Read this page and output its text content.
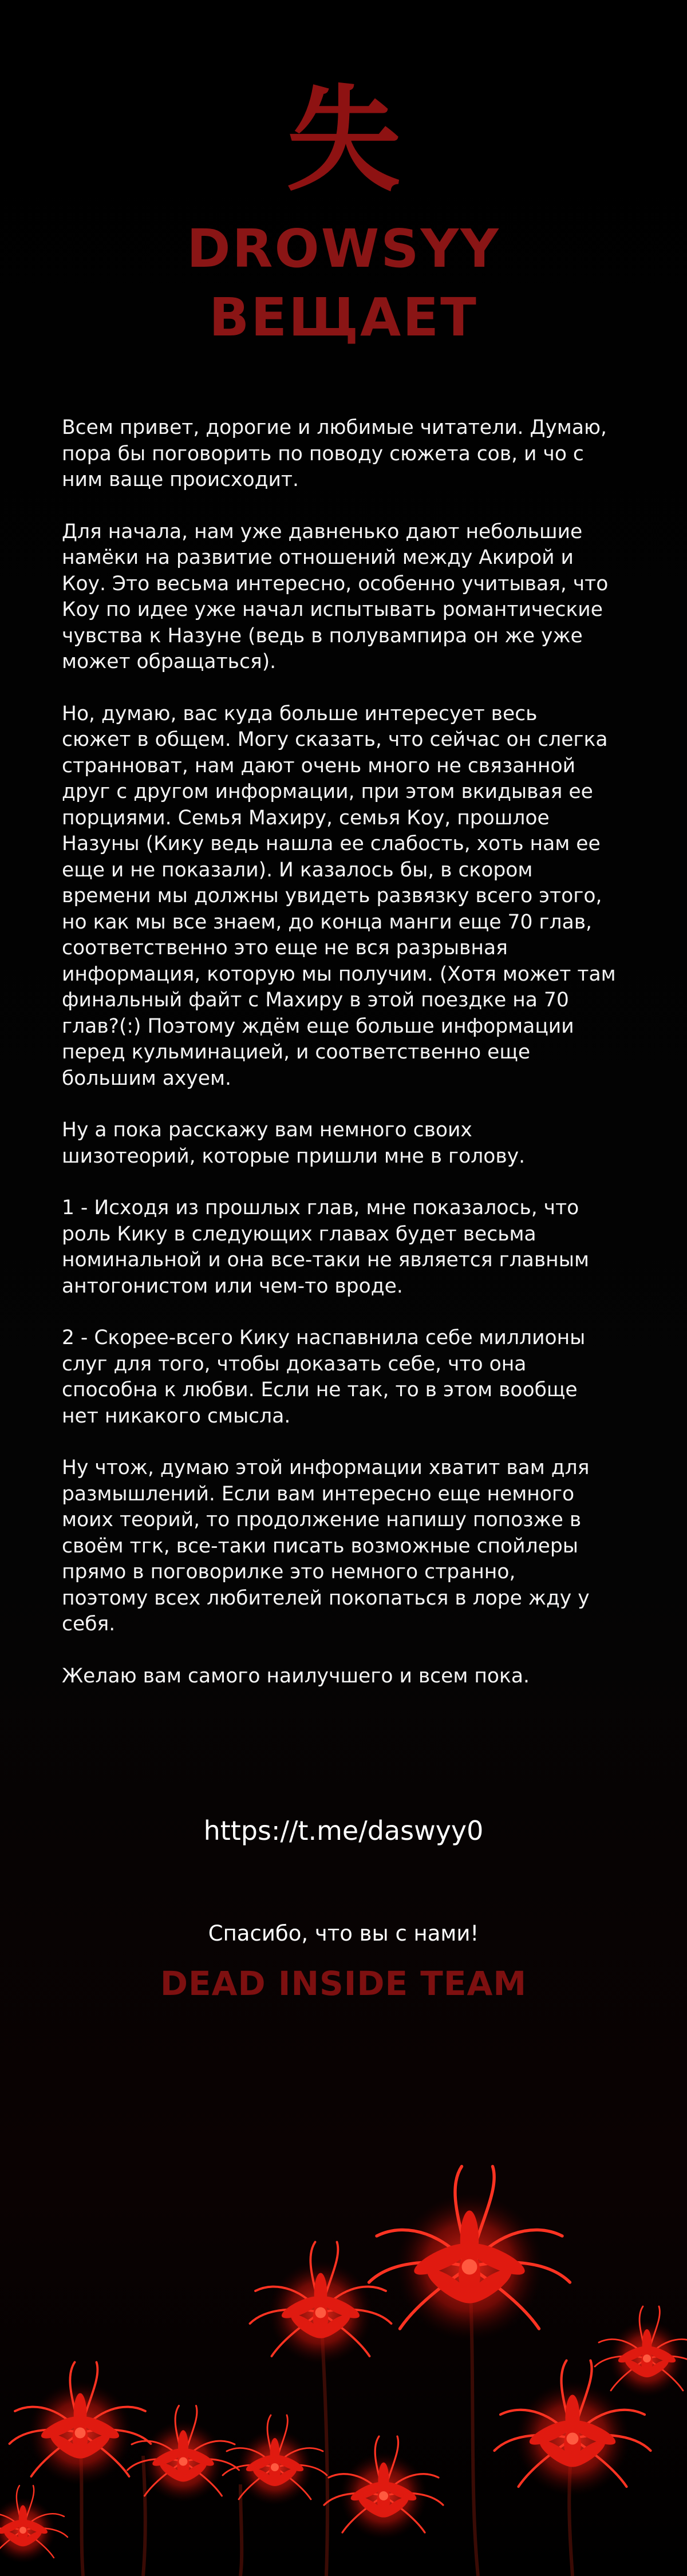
失
DROWSYY
ВЕЩАЕТ

Всем привет, дорогие и любимые читатели. Думаю,
пора бы поговорить по поводу сюжета сов, и чо с
ним ваще происходит.

Для начала, нам уже давненько дают небольшие
намёки на развитие отношений между Акирой и
Коу. Это весьма интересно, особенно учитывая, что
Коу по идее уже начал испытывать романтические
чувства к Назуне (ведь в полувампира он же уже
может обращаться).

Но, думаю, вас куда больше интересует весь
сюжет в общем. Могу сказать, что сейчас он слегка
странноват, нам дают очень много не связанной
друг с другом информации, при этом вкидывая ее
порциями. Семья Махиру, семья Коу, прошлое
Назуны (Кику ведь нашла ее слабость, хоть нам ее
еще и не показали). И казалось бы, в скором
времени мы должны увидеть развязку всего этого,
но как мы все знаем, до конца манги еще 70 глав,
соответственно это еще не вся разрывная
информация, которую мы получим. (Хотя может там
финальный файт с Махиру в этой поездке на 70
глав?(:) Поэтому ждём еще больше информации
перед кульминацией, и соответственно еще
большим ахуем.

Ну а пока расскажу вам немного своих
шизотеорий, которые пришли мне в голову.

1 - Исходя из прошлых глав, мне показалось, что
роль Кику в следующих главах будет весьма
номинальной и она все-таки не является главным
антогонистом или чем-то вроде.

2 - Скорее-всего Кику наспавнила себе миллионы
слуг для того, чтобы доказать себе, что она
способна к любви. Если не так, то в этом вообще
нет никакого смысла.

Ну чтож, думаю этой информации хватит вам для
размышлений. Если вам интересно еще немного
моих теорий, то продолжение напишу попозже в
своём тгк, все-таки писать возможные спойлеры
прямо в поговорилке это немного странно,
поэтому всех любителей покопаться в лоре жду у
себя.

Желаю вам самого наилучшего и всем пока.

https://t.me/daswyy0
Спасибо, что вы с нами!
DEAD INSIDE TEAM
